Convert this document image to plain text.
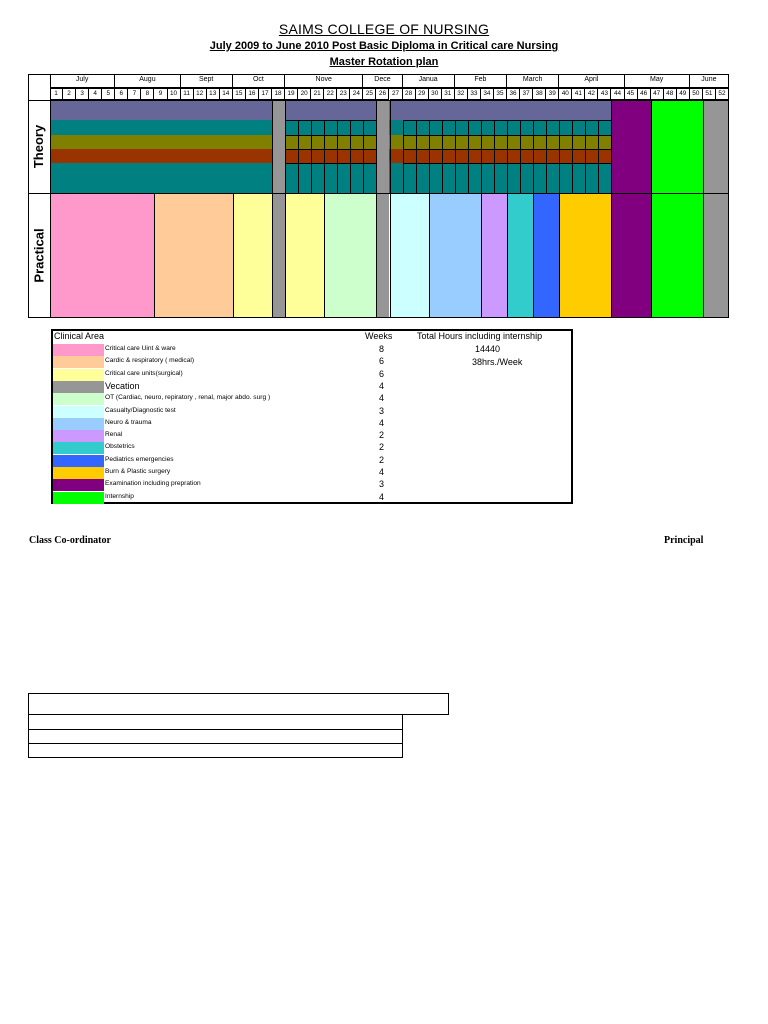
SAIMS COLLEGE OF NURSING
July 2009 to June 2010 Post Basic Diploma in Critical care Nursing
Master Rotation plan
July	Augu	Sept	Oct	Nove	Dece	Janua	Feb	March	April	May	June
1	2	3	4	5	6	7	8	9	10 11 12 13 14 15 16 17 18 19 20 21 22 23 24 25 26 27 28 29 30 31 32 33 34 35 36 37 38 39 40 41 42 43 44 45 46 47 48 49 50 51 52
Theory
Practical
Clinical Area	Weeks	Total Hours including internship
14440
38hrs./Week
Critical care Uint & ware	8
Cardic & respiratory ( medical)	6
Critical care units(surgical)	6
Vecation	4
OT (Cardiac, neuro, repiratory , renal, major abdo. surg )	4
Casualty/Diagnostic test	3
Neuro & trauma	4
Renal	2
Obstetrics	2
Pediatrics emergencies	2
Burn & Plastic surgery	4
Examination including prepration	3
Internship	4
Class Co-ordinator	Principal
